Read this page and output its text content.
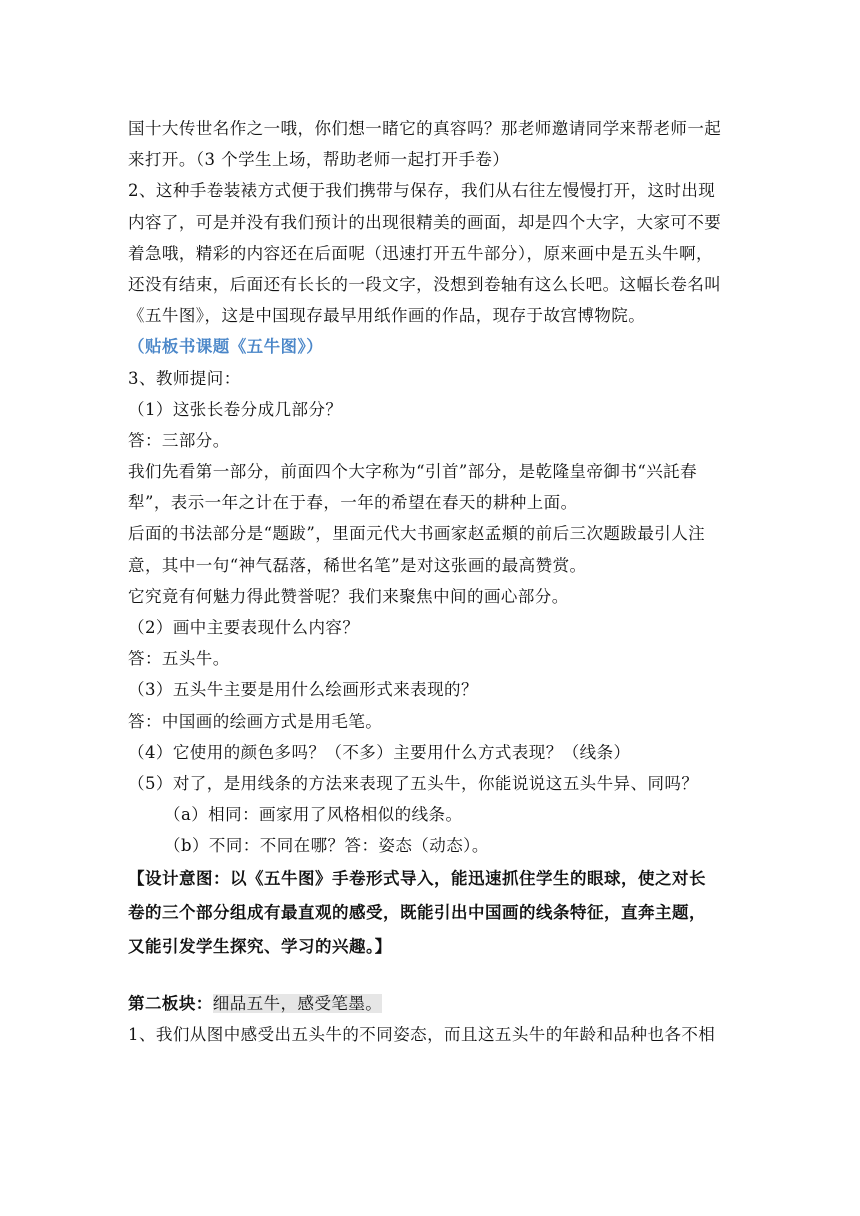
国十大传世名作之一哦，你们想一睹它的真容吗？那老师邀请同学来帮老师一起
来打开。（3 个学生上场，帮助老师一起打开手卷）
2、这种手卷装裱方式便于我们携带与保存，我们从右往左慢慢打开，这时出现
内容了，可是并没有我们预计的出现很精美的画面，却是四个大字，大家可不要
着急哦，精彩的内容还在后面呢（迅速打开五牛部分），原来画中是五头牛啊，
还没有结束，后面还有长长的一段文字，没想到卷轴有这么长吧。这幅长卷名叫
《五牛图》，这是中国现存最早用纸作画的作品，现存于故宫博物院。
（贴板书课题《五牛图》）
3、教师提问：
（1）这张长卷分成几部分？
答：三部分。
我们先看第一部分，前面四个大字称为“引首”部分，是乾隆皇帝御书“兴託春
犁”，表示一年之计在于春，一年的希望在春天的耕种上面。
后面的书法部分是“题跋”，里面元代大书画家赵孟頫的前后三次题跋最引人注
意，其中一句“神气磊落，稀世名笔”是对这张画的最高赞赏。
它究竟有何魅力得此赞誉呢？我们来聚焦中间的画心部分。
（2）画中主要表现什么内容？
答：五头牛。
（3）五头牛主要是用什么绘画形式来表现的？
答：中国画的绘画方式是用毛笔。
（4）它使用的颜色多吗？（不多）主要用什么方式表现？（线条）
（5）对了，是用线条的方法来表现了五头牛，你能说说这五头牛异、同吗？
（a）相同：画家用了风格相似的线条。
（b）不同：不同在哪？答：姿态（动态）。
【设计意图：以《五牛图》手卷形式导入，能迅速抓住学生的眼球，使之对长
卷的三个部分组成有最直观的感受，既能引出中国画的线条特征，直奔主题，
又能引发学生探究、学习的兴趣。】
第二板块：细品五牛，感受笔墨。
1、我们从图中感受出五头牛的不同姿态，而且这五头牛的年龄和品种也各不相
